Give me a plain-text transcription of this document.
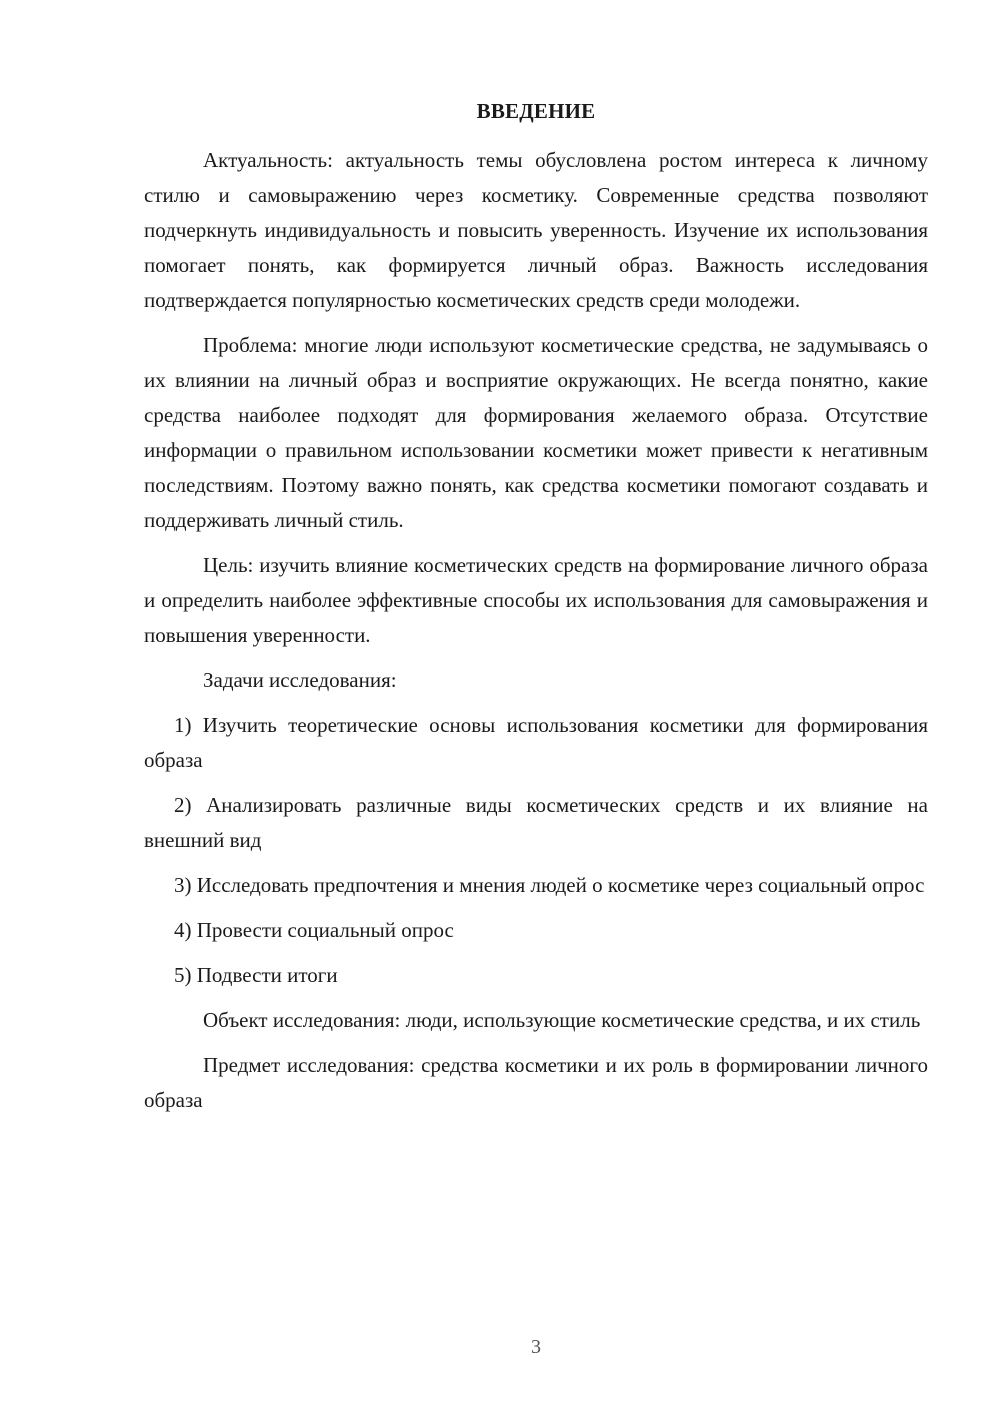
ВВЕДЕНИЕ

Актуальность: актуальность темы обусловлена ростом интереса к личному стилю и самовыражению через косметику. Современные средства позволяют подчеркнуть индивидуальность и повысить уверенность. Изучение их использования помогает понять, как формируется личный образ. Важность исследования подтверждается популярностью косметических средств среди молодежи.

Проблема: многие люди используют косметические средства, не задумываясь о их влиянии на личный образ и восприятие окружающих. Не всегда понятно, какие средства наиболее подходят для формирования желаемого образа. Отсутствие информации о правильном использовании косметики может привести к негативным последствиям. Поэтому важно понять, как средства косметики помогают создавать и поддерживать личный стиль.

Цель: изучить влияние косметических средств на формирование личного образа и определить наиболее эффективные способы их использования для самовыражения и повышения уверенности.

Задачи исследования:

1) Изучить теоретические основы использования косметики для формирования образа

2) Анализировать различные виды косметических средств и их влияние на внешний вид

3) Исследовать предпочтения и мнения людей о косметике через социальный опрос

4) Провести социальный опрос

5) Подвести итоги

Объект исследования: люди, использующие косметические средства, и их стиль

Предмет исследования: средства косметики и их роль в формировании личного образа

3
